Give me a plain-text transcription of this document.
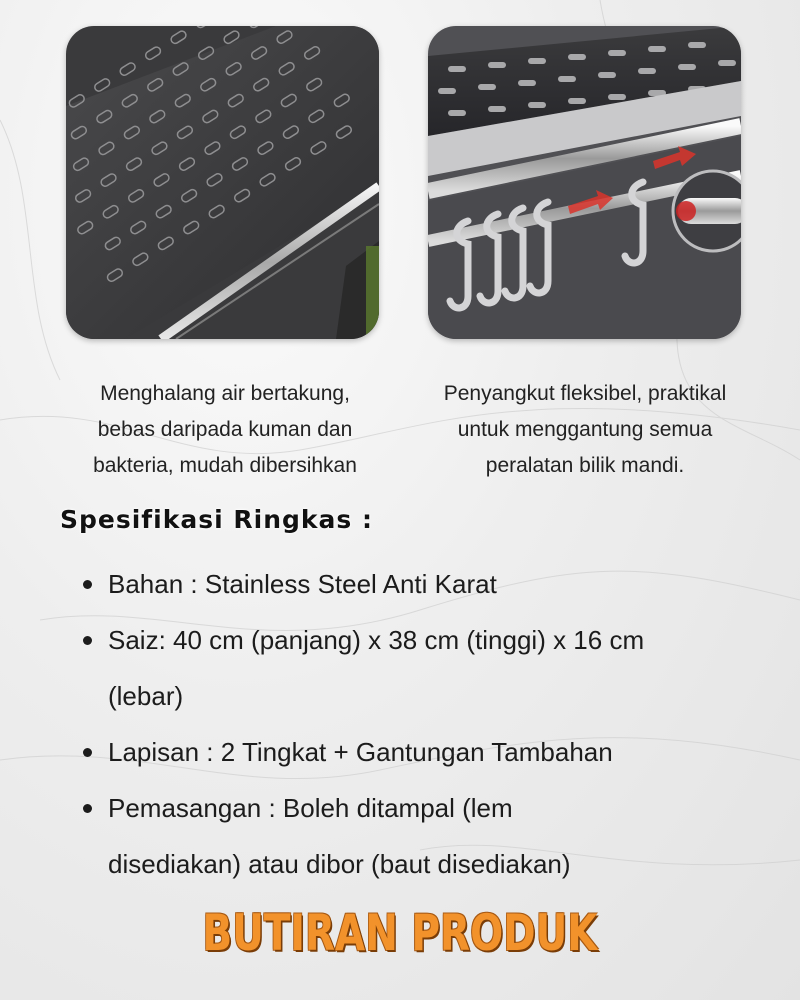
Menghalang air bertakung,
bebas daripada kuman dan
bakteria, mudah dibersihkan
Penyangkut fleksibel, praktikal
untuk menggantung semua
peralatan bilik mandi.
Spesifikasi Ringkas :
Bahan : Stainless Steel Anti Karat
Saiz: 40 cm (panjang) x 38 cm (tinggi) x 16 cm
(lebar)
Lapisan : 2 Tingkat + Gantungan Tambahan
Pemasangan : Boleh ditampal (lem
disediakan) atau dibor (baut disediakan)
BUTIRAN PRODUK
